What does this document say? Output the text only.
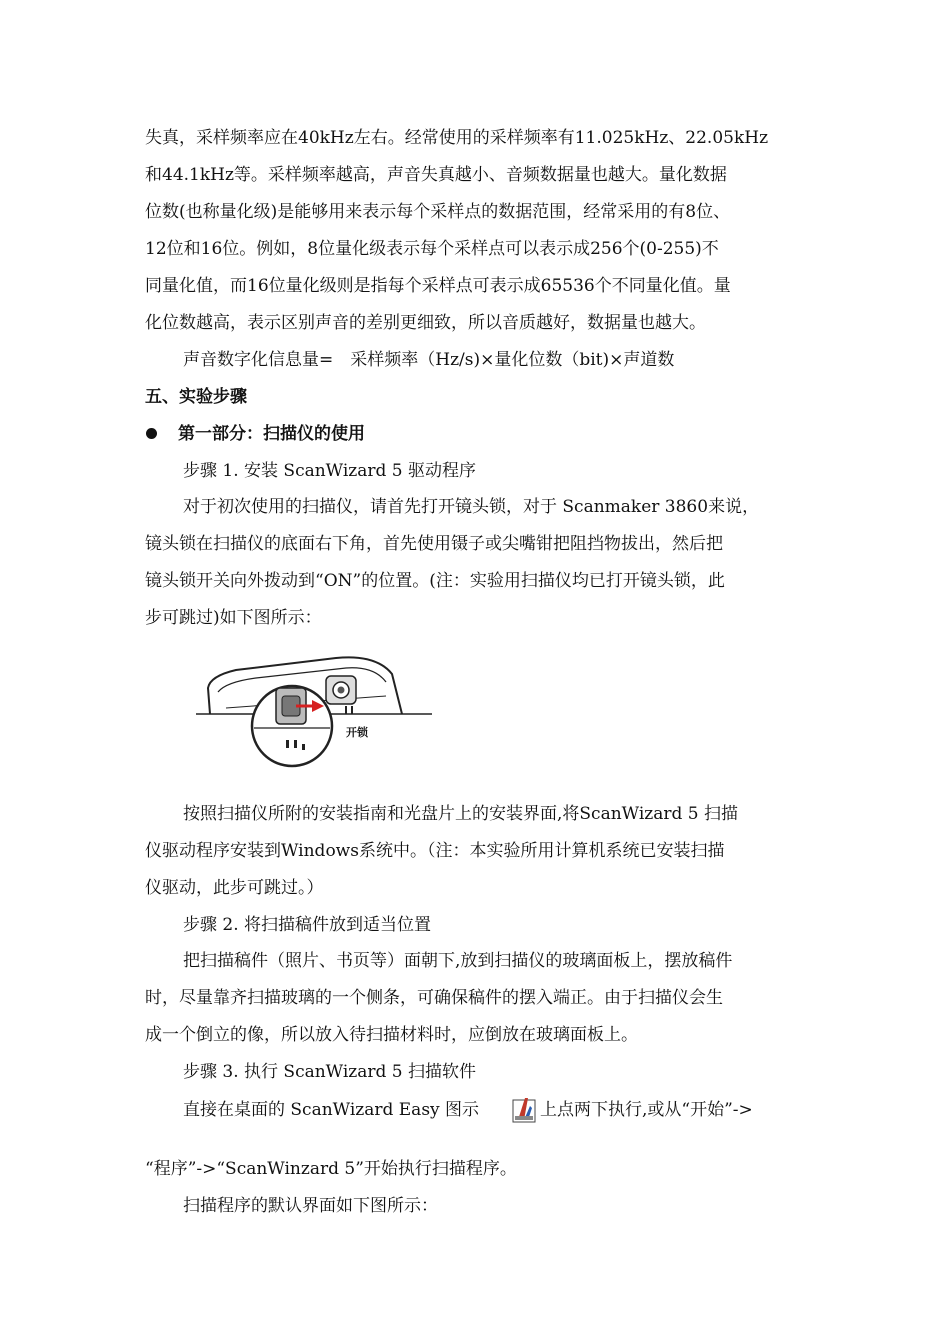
失真，采样频率应在40kHz左右。经常使用的采样频率有11.025kHz、22.05kHz
和44.1kHz等。采样频率越高，声音失真越小、音频数据量也越大。量化数据
位数(也称量化级)是能够用来表示每个采样点的数据范围，经常采用的有8位、
12位和16位。例如，8位量化级表示每个采样点可以表示成256个(0-255)不
同量化值，而16位量化级则是指每个采样点可表示成65536个不同量化值。量
化位数越高，表示区别声音的差别更细致，所以音质越好，数据量也越大。
声音数字化信息量=　采样频率（Hz/s)×量化位数（bit)×声道数
五、实验步骤
第一部分：扫描仪的使用
步骤 1. 安装 ScanWizard 5 驱动程序
对于初次使用的扫描仪，请首先打开镜头锁，对于 Scanmaker 3860来说，
镜头锁在扫描仪的底面右下角，首先使用镊子或尖嘴钳把阻挡物拔出，然后把
镜头锁开关向外拨动到“ON”的位置。(注：实验用扫描仪均已打开镜头锁，此
步可跳过)如下图所示：
开锁
按照扫描仪所附的安装指南和光盘片上的安装界面,将ScanWizard 5 扫描
仪驱动程序安装到Windows系统中。（注：本实验所用计算机系统已安装扫描
仪驱动，此步可跳过。）
步骤 2. 将扫描稿件放到适当位置
把扫描稿件（照片、书页等）面朝下,放到扫描仪的玻璃面板上，摆放稿件
时，尽量靠齐扫描玻璃的一个侧条，可确保稿件的摆入端正。由于扫描仪会生
成一个倒立的像，所以放入待扫描材料时，应倒放在玻璃面板上。
步骤 3. 执行 ScanWizard 5 扫描软件
直接在桌面的 ScanWizard Easy 图示	上点两下执行,或从“开始”->
“程序”->“ScanWinzard 5”开始执行扫描程序。
扫描程序的默认界面如下图所示：
